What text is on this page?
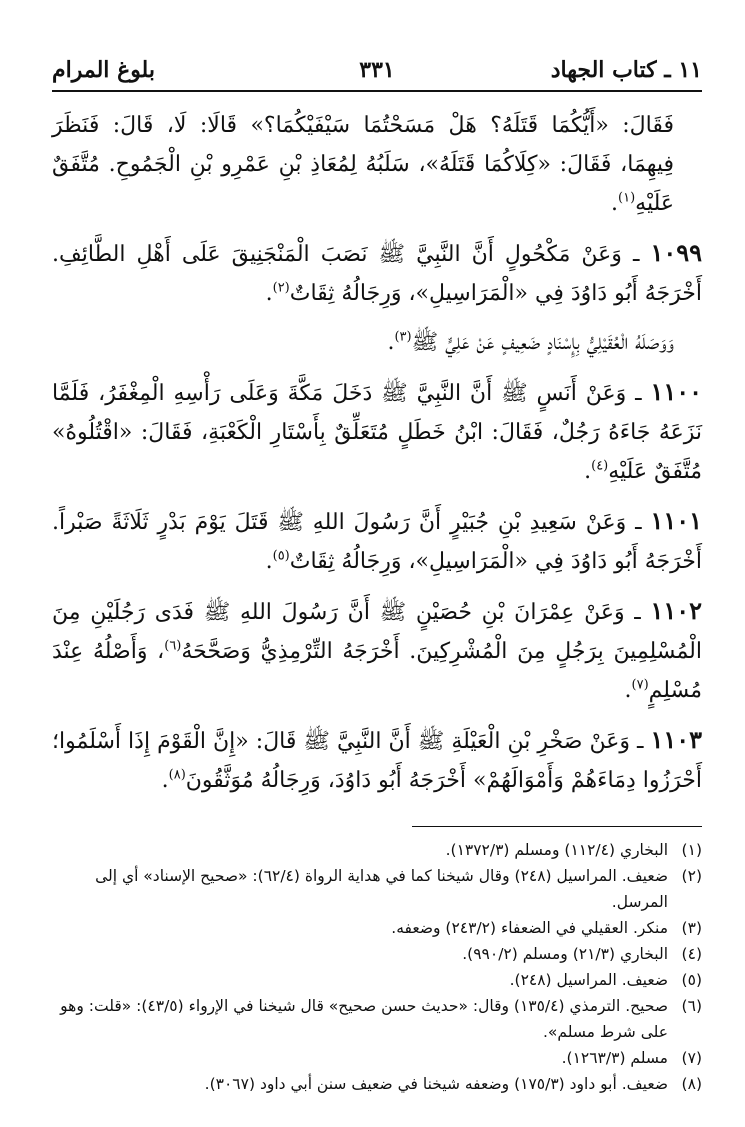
١١ ـ كتاب الجهاد
٣٣١
بلوغ المرام

فَقَالَ: «أَيُّكُمَا قَتَلَهُ؟ هَلْ مَسَحْتُمَا سَيْفَيْكُمَا؟» قَالَا: لَا، قَالَ: فَنَظَرَ فِيهِمَا، فَقَالَ: «كِلَاكُمَا قَتَلَهُ»، سَلَبُهُ لِمُعَاذِ بْنِ عَمْرِو بْنِ الْجَمُوحِ. مُتَّفَقٌ عَلَيْهِ$^{(١)}$.

١٠٩٩ ـ وَعَنْ مَكْحُولٍ أَنَّ النَّبِيَّ ﷺ نَصَبَ الْمَنْجَنِيقَ عَلَى أَهْلِ الطَّائِفِ. أَخْرَجَهُ أَبُو دَاوُدَ فِي «الْمَرَاسِيلِ»، وَرِجَالُهُ ثِقَاتٌ$^{(٢)}$.

وَوَصَلَهُ الْعُقَيْلِيُّ بِإِسْنَادٍ ضَعِيفٍ عَنْ عَلِيٍّ ﷺ$^{(٣)}$.

١١٠٠ ـ وَعَنْ أَنَسٍ ﷺ أَنَّ النَّبِيَّ ﷺ دَخَلَ مَكَّةَ وَعَلَى رَأْسِهِ الْمِغْفَرُ، فَلَمَّا نَزَعَهُ جَاءَهُ رَجُلٌ، فَقَالَ: ابْنُ خَطَلٍ مُتَعَلِّقٌ بِأَسْتَارِ الْكَعْبَةِ، فَقَالَ: «اقْتُلُوهُ» مُتَّفَقٌ عَلَيْهِ$^{(٤)}$.

١١٠١ ـ وَعَنْ سَعِيدِ بْنِ جُبَيْرٍ أَنَّ رَسُولَ اللهِ ﷺ قَتَلَ يَوْمَ بَدْرٍ ثَلَاثَةً صَبْراً. أَخْرَجَهُ أَبُو دَاوُدَ فِي «الْمَرَاسِيلِ»، وَرِجَالُهُ ثِقَاتٌ$^{(٥)}$.

١١٠٢ ـ وَعَنْ عِمْرَانَ بْنِ حُصَيْنٍ ﷺ أَنَّ رَسُولَ اللهِ ﷺ فَدَى رَجُلَيْنِ مِنَ الْمُسْلِمِينَ بِرَجُلٍ مِنَ الْمُشْرِكِينَ. أَخْرَجَهُ التِّرْمِذِيُّ وَصَحَّحَهُ$^{(٦)}$، وَأَصْلُهُ عِنْدَ مُسْلِمٍ$^{(٧)}$.

١١٠٣ ـ وَعَنْ صَخْرِ بْنِ الْعَيْلَةِ ﷺ أَنَّ النَّبِيَّ ﷺ قَالَ: «إِنَّ الْقَوْمَ إِذَا أَسْلَمُوا؛ أَحْرَزُوا دِمَاءَهُمْ وَأَمْوَالَهُمْ» أَخْرَجَهُ أَبُو دَاوُدَ، وَرِجَالُهُ مُوَثَّقُونَ$^{(٨)}$.

(١)
البخاري (١١٢/٤) ومسلم (١٣٧٢/٣).
(٢)
ضعيف. المراسيل (٢٤٨) وقال شيخنا كما في هداية الرواة (٦٢/٤): «صحيح الإسناد» أي إلى المرسل.
(٣)
منكر. العقيلي في الضعفاء (٢٤٣/٢) وضعفه.
(٤)
البخاري (٢١/٣) ومسلم (٩٩٠/٢).
(٥)
ضعيف. المراسيل (٢٤٨).
(٦)
صحيح. الترمذي (١٣٥/٤) وقال: «حديث حسن صحيح» قال شيخنا في الإرواء (٤٣/٥): «قلت: وهو على شرط مسلم».
(٧)
مسلم (١٢٦٣/٣).
(٨)
ضعيف. أبو داود (١٧٥/٣) وضعفه شيخنا في ضعيف سنن أبي داود (٣٠٦٧).
